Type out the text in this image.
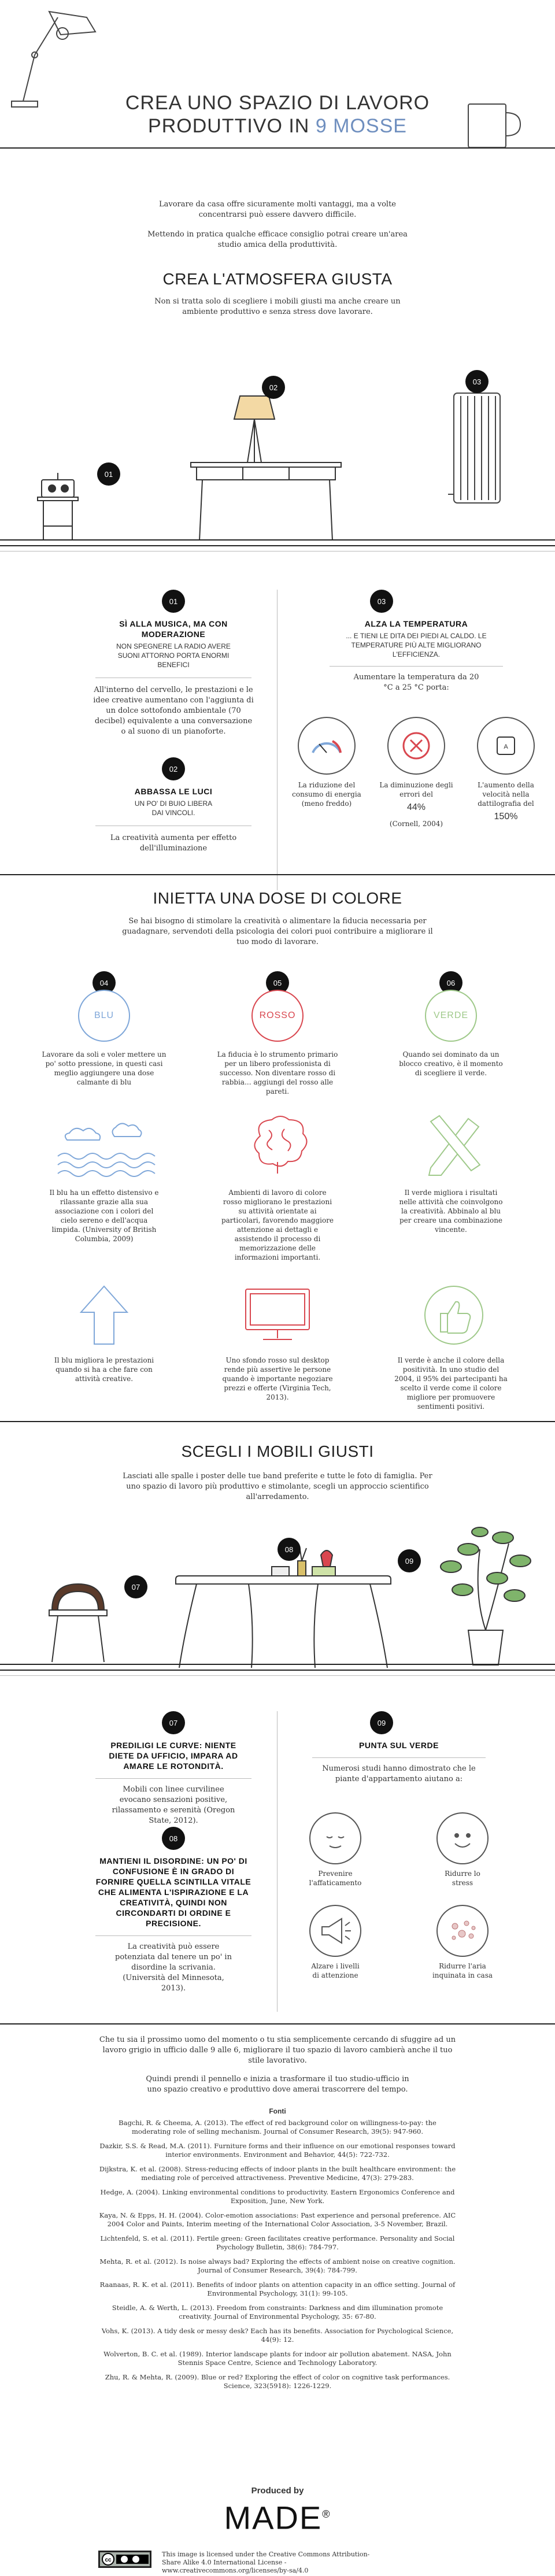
CREA UNO SPAZIO DI LAVORO
PRODUTTIVO IN 9 MOSSE

Lavorare da casa offre sicuramente molti vantaggi, ma a volte concentrarsi può essere davvero difficile.

Mettendo in pratica qualche efficace consiglio potrai creare un'area studio amica della produttività.

CREA L'ATMOSFERA GIUSTA
Non si tratta solo di scegliere i mobili giusti ma anche creare un ambiente produttivo e senza stress dove lavorare.
01
02
03
01
SÌ ALLA MUSICA, MA CON MODERAZIONE
NON SPEGNERE LA RADIO AVERE SUONI ATTORNO PORTA ENORMI BENEFICI
All'interno del cervello, le prestazioni e le idee creative aumentano con l'aggiunta di un dolce sottofondo ambientale (70 decibel) equivalente a una conversazione o al suono di un pianoforte.
02
ABBASSA LE LUCI
UN PO' DI BUIO LIBERA DAI VINCOLI.
La creatività aumenta per effetto dell'illuminazione
03
ALZA LA TEMPERATURA
... E TIENI LE DITA DEI PIEDI AL CALDO. LE TEMPERATURE PIÙ ALTE MIGLIORANO L'EFFICIENZA.
Aumentare la temperatura da 20 °C a 25 °C porta:
La riduzione del consumo di energia (meno freddo)
La diminuzione degli errori del
44%
(Cornell, 2004)
A
L'aumento della velocità nella dattilografia del
150%
INIETTA UNA DOSE DI COLORE
Se hai bisogno di stimolare la creatività o alimentare la fiducia necessaria per guadagnare, servendoti della psicologia dei colori puoi contribuire a migliorare il tuo modo di lavorare.
04
BLU
Lavorare da soli e voler mettere un po' sotto pressione, in questi casi meglio aggiungere una dose calmante di blu
Il blu ha un effetto distensivo e rilassante grazie alla sua associazione con i colori del cielo sereno e dell'acqua limpida. (University of British Columbia, 2009)
Il blu migliora le prestazioni quando si ha a che fare con attività creative.
05
ROSSO
La fiducia è lo strumento primario per un libero professionista di successo. Non diventare rosso di rabbia... aggiungi del rosso alle pareti.
Ambienti di lavoro di colore rosso migliorano le prestazioni su attività orientate ai particolari, favorendo maggiore attenzione ai dettagli e assistendo il processo di memorizzazione delle informazioni importanti.
Uno sfondo rosso sul desktop rende più assertive le persone quando è importante negoziare prezzi e offerte (Virginia Tech, 2013).
06
VERDE
Quando sei dominato da un blocco creativo, è il momento di scegliere il verde.
Il verde migliora i risultati nelle attività che coinvolgono la creatività. Abbinalo al blu per creare una combinazione vincente.
Il verde è anche il colore della positività. In uno studio del 2004, il 95% dei partecipanti ha scelto il verde come il colore migliore per promuovere sentimenti positivi.
SCEGLI I MOBILI GIUSTI
Lasciati alle spalle i poster delle tue band preferite e tutte le foto di famiglia. Per uno spazio di lavoro più produttivo e stimolante, scegli un approccio scientifico all'arredamento.
07
08
09
07
PREDILIGI LE CURVE: NIENTE DIETE DA UFFICIO, IMPARA AD AMARE LE ROTONDITÀ.
Mobili con linee curvilinee evocano sensazioni positive, rilassamento e serenità (Oregon State, 2012).
08
MANTIENI IL DISORDINE: UN PO' DI CONFUSIONE È IN GRADO DI FORNIRE QUELLA SCINTILLA VITALE CHE ALIMENTA L'ISPIRAZIONE E LA CREATIVITÀ, QUINDI NON CIRCONDARTI DI ORDINE E PRECISIONE.
La creatività può essere potenziata dal tenere un po' in disordine la scrivania. (Università del Minnesota, 2013).
09
PUNTA SUL VERDE
Numerosi studi hanno dimostrato che le piante d'appartamento aiutano a:
Prevenire l'affaticamento
Ridurre lo stress
Alzare i livelli di attenzione
Ridurre l'aria inquinata in casa

Che tu sia il prossimo uomo del momento o tu stia semplicemente cercando di sfuggire ad un lavoro grigio in ufficio dalle 9 alle 6, migliorare il tuo spazio di lavoro cambierà anche il tuo stile lavorativo.

Quindi prendi il pennello e inizia a trasformare il tuo studio-ufficio in uno spazio creativo e produttivo dove amerai trascorrere del tempo.

Fonti

Bagchi, R. & Cheema, A. (2013). The effect of red background color on willingness-to-pay: the moderating role of selling mechanism. Journal of Consumer Research, 39(5): 947-960.

Dazkir, S.S. & Read, M.A. (2011). Furniture forms and their influence on our emotional responses toward interior environments. Environment and Behavior, 44(5): 722-732.

Dijkstra, K. et al. (2008). Stress-reducing effects of indoor plants in the built healthcare environment: the mediating role of perceived attractiveness. Preventive Medicine, 47(3): 279-283.

Hedge, A. (2004). Linking environmental conditions to productivity. Eastern Ergonomics Conference and Exposition, June, New York.

Kaya, N. & Epps, H. H. (2004). Color-emotion associations: Past experience and personal preference. AIC 2004 Color and Paints, Interim meeting of the International Color Association, 3-5 November, Brazil.

Lichtenfeld, S. et al. (2011). Fertile green: Green facilitates creative performance. Personality and Social Psychology Bulletin, 38(6): 784-797.

Mehta, R. et al. (2012). Is noise always bad? Exploring the effects of ambient noise on creative cognition. Journal of Consumer Research, 39(4): 784-799.

Raanaas, R. K. et al. (2011). Benefits of indoor plants on attention capacity in an office setting. Journal of Environmental Psychology, 31(1): 99-105.

Steidle, A. & Werth, L. (2013). Freedom from constraints: Darkness and dim illumination promote creativity. Journal of Environmental Psychology, 35: 67-80.

Vohs, K. (2013). A tidy desk or messy desk? Each has its benefits. Association for Psychological Science, 44(9): 12.

Wolverton, B. C. et al. (1989). Interior landscape plants for indoor air pollution abatement. NASA, John Stennis Space Centre, Science and Technology Laboratory.

Zhu, R. & Mehta, R. (2009). Blue or red? Exploring the effect of color on cognitive task performances. Science, 323(5918): 1226-1229.

Produced by
MADE®
cc
This image is licensed under the Creative Commons Attribution-Share Alike 4.0 International License - www.creativecommons.org/licenses/by-sa/4.0
